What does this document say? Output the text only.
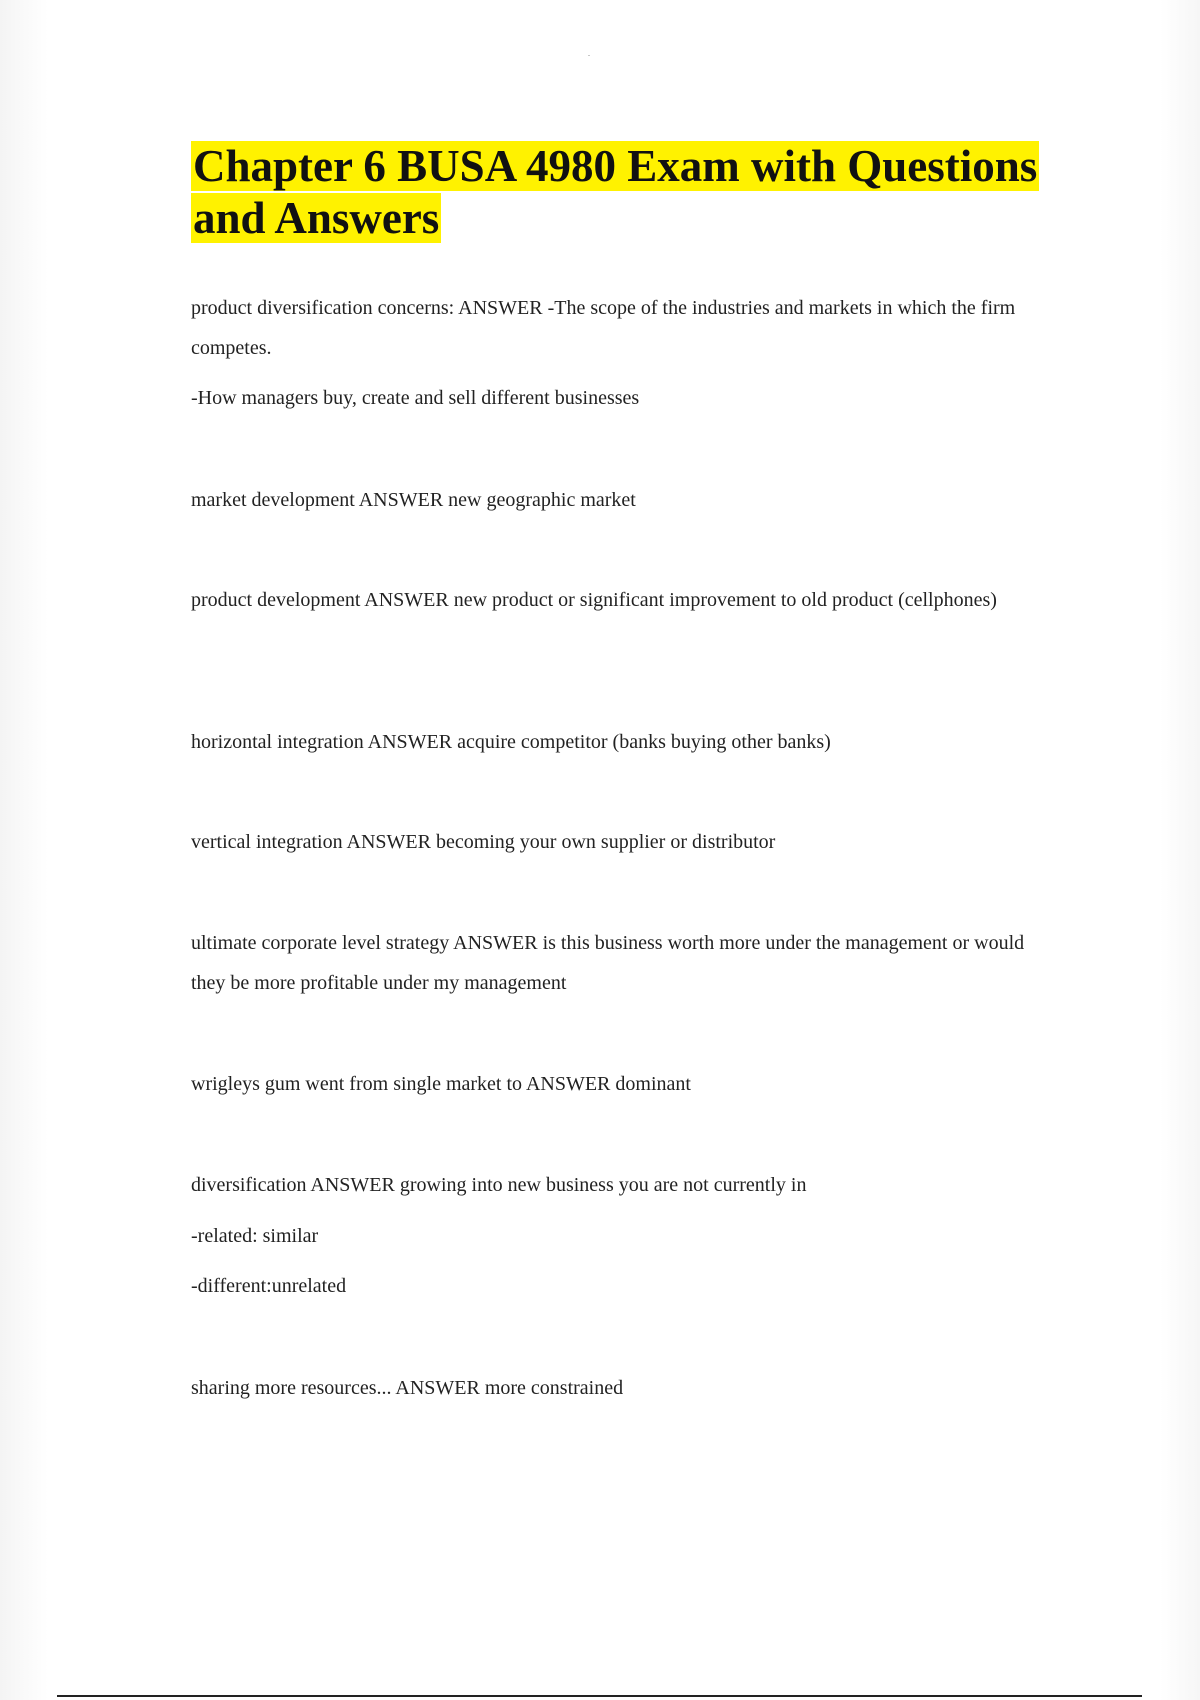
Chapter 6 BUSA 4980 Exam with Questions
and Answers

product diversification concerns: ANSWER -The scope of the industries and markets in which the firm competes.

-How managers buy, create and sell different businesses

market development ANSWER new geographic market

product development ANSWER new product or significant improvement to old product (cellphones)

horizontal integration ANSWER acquire competitor (banks buying other banks)

vertical integration ANSWER becoming your own supplier or distributor

ultimate corporate level strategy ANSWER is this business worth more under the management or would they be more profitable under my management

wrigleys gum went from single market to ANSWER dominant

diversification ANSWER growing into new business you are not currently in

-related: similar

-different:unrelated

sharing more resources... ANSWER more constrained
